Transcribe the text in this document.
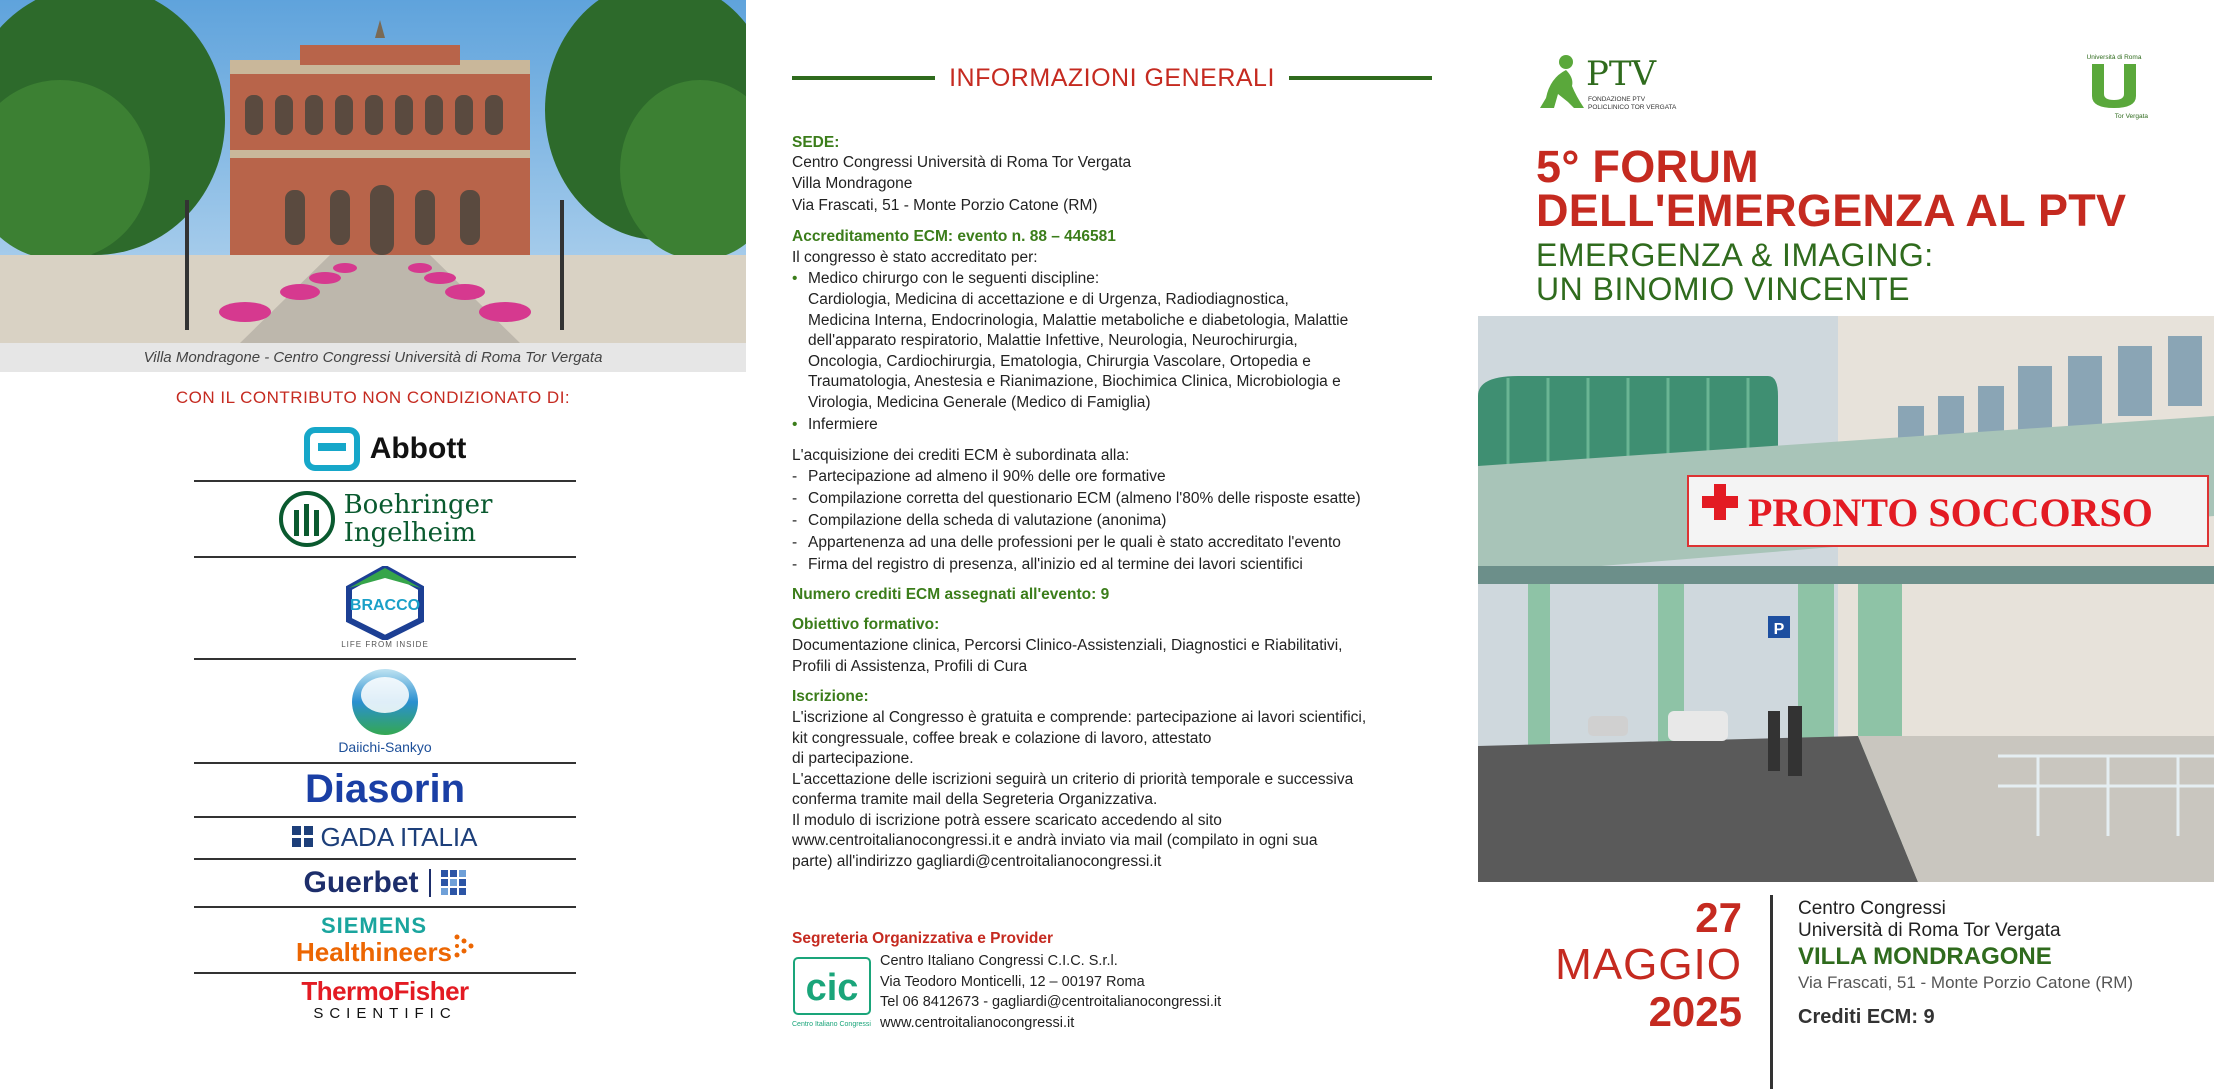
Villa Mondragone - Centro Congressi Università di Roma Tor Vergata
CON IL CONTRIBUTO NON CONDIZIONATO DI:
Abbott
Boehringer
Ingelheim
BRACCO
LIFE FROM INSIDE
Daiichi-Sankyo
Diasorin
GADA ITALIA
Guerbet
SIEMENS
Healthineers
ThermoFisher
SCIENTIFIC
INFORMAZIONI GENERALI
SEDE:
Centro Congressi Università di Roma Tor Vergata
Villa Mondragone
Via Frascati, 51 - Monte Porzio Catone (RM)
Accreditamento ECM: evento n. 88 – 446581
Il congresso è stato accreditato per:
• Medico chirurgo con le seguenti discipline:
Cardiologia, Medicina di accettazione e di Urgenza, Radiodiagnostica,
Medicina Interna, Endocrinologia, Malattie metaboliche e diabetologia, Malattie
dell'apparato respiratorio, Malattie Infettive, Neurologia, Neurochirurgia,
Oncologia, Cardiochirurgia, Ematologia, Chirurgia Vascolare, Ortopedia e
Traumatologia, Anestesia e Rianimazione, Biochimica Clinica, Microbiologia e
Virologia, Medicina Generale (Medico di Famiglia)
• Infermiere
L'acquisizione dei crediti ECM è subordinata alla:
- Partecipazione ad almeno il 90% delle ore formative
- Compilazione corretta del questionario ECM (almeno l'80% delle risposte esatte)
- Compilazione della scheda di valutazione (anonima)
- Appartenenza ad una delle professioni per le quali è stato accreditato l'evento
- Firma del registro di presenza, all'inizio ed al termine dei lavori scientifici
Numero crediti ECM assegnati all'evento: 9
Obiettivo formativo:
Documentazione clinica, Percorsi Clinico-Assistenziali, Diagnostici e Riabilitativi,
Profili di Assistenza, Profili di Cura
Iscrizione:
L'iscrizione al Congresso è gratuita e comprende: partecipazione ai lavori scientifici,
kit congressuale, coffee break e colazione di lavoro, attestato
di partecipazione.
L'accettazione delle iscrizioni seguirà un criterio di priorità temporale e successiva
conferma tramite mail della Segreteria Organizzativa.
Il modulo di iscrizione potrà essere scaricato accedendo al sito
www.centroitalianocongressi.it e andrà inviato via mail (compilato in ogni sua
parte) all'indirizzo gagliardi@centroitalianocongressi.it
Segreteria Organizzativa e Provider
cic
Centro Italiano Congressi
Centro Italiano Congressi C.I.C. S.r.l.
Via Teodoro Monticelli, 12 – 00197 Roma
Tel 06 8412673 - gagliardi@centroitalianocongressi.it
www.centroitalianocongressi.it
PTV
FONDAZIONE PTV
POLICLINICO TOR VERGATA
Università di Roma
Tor Vergata
5° FORUM
DELL'EMERGENZA AL PTV
EMERGENZA & IMAGING:
UN BINOMIO VINCENTE
PRONTO SOCCORSO
P
27
MAGGIO
2025
Centro Congressi
Università di Roma Tor Vergata
VILLA MONDRAGONE
Via Frascati, 51 - Monte Porzio Catone (RM)
Crediti ECM: 9
